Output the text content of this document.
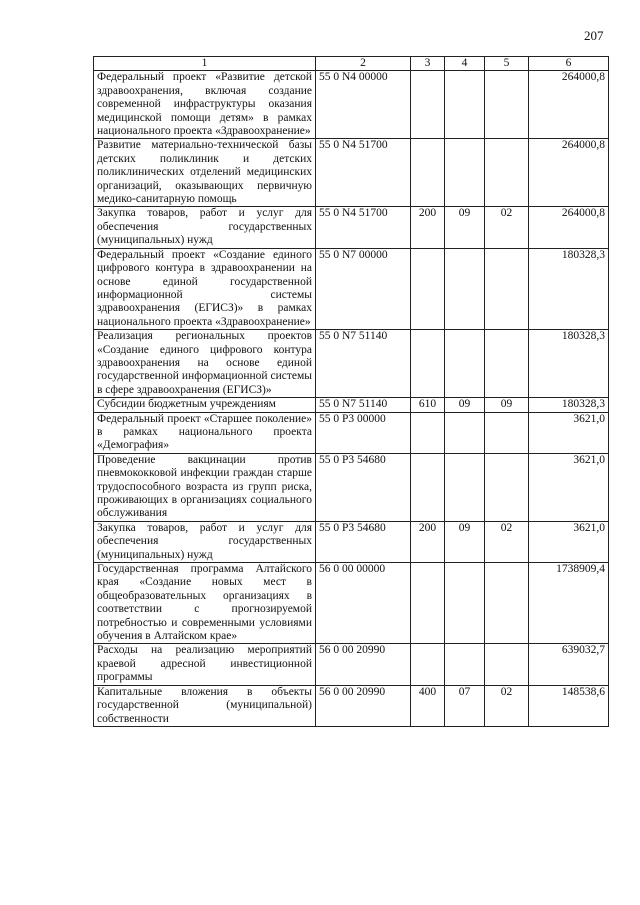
207
1	2	3	4	5	6
Федеральный проект «Развитие детской здравоохранения, включая создание современной инфраструктуры оказания медицинской помощи детям» в рамках национального проекта «Здравоохранение»	55 0 N4 00000				264000,8
Развитие материально-технической базы детских поликлиник и детских поликлинических отделений медицинских организаций, оказывающих первичную медико-санитарную помощь	55 0 N4 51700				264000,8
Закупка товаров, работ и услуг для обеспечения государственных (муниципальных) нужд	55 0 N4 51700	200	09	02	264000,8
Федеральный проект «Создание единого цифрового контура в здравоохранении на основе единой государственной информационной системы здравоохранения (ЕГИСЗ)» в рамках национального проекта «Здравоохранение»	55 0 N7 00000				180328,3
Реализация региональных проектов «Создание единого цифрового контура здравоохранения на основе единой государственной информационной системы в сфере здравоохранения (ЕГИСЗ)»	55 0 N7 51140				180328,3
Субсидии бюджетным учреждениям	55 0 N7 51140	610	09	09	180328,3
Федеральный проект «Старшее поколение» в рамках национального проекта «Демография»	55 0 P3 00000				3621,0
Проведение вакцинации против пневмококковой инфекции граждан старше трудоспособного возраста из групп риска, проживающих в организациях социального обслуживания	55 0 P3 54680				3621,0
Закупка товаров, работ и услуг для обеспечения государственных (муниципальных) нужд	55 0 P3 54680	200	09	02	3621,0
Государственная программа Алтайского края «Создание новых мест в общеобразовательных организациях в соответствии с прогнозируемой потребностью и современными условиями обучения в Алтайском крае»	56 0 00 00000				1738909,4
Расходы на реализацию мероприятий краевой адресной инвестиционной программы	56 0 00 20990				639032,7
Капитальные вложения в объекты государственной (муниципальной) собственности	56 0 00 20990	400	07	02	148538,6
